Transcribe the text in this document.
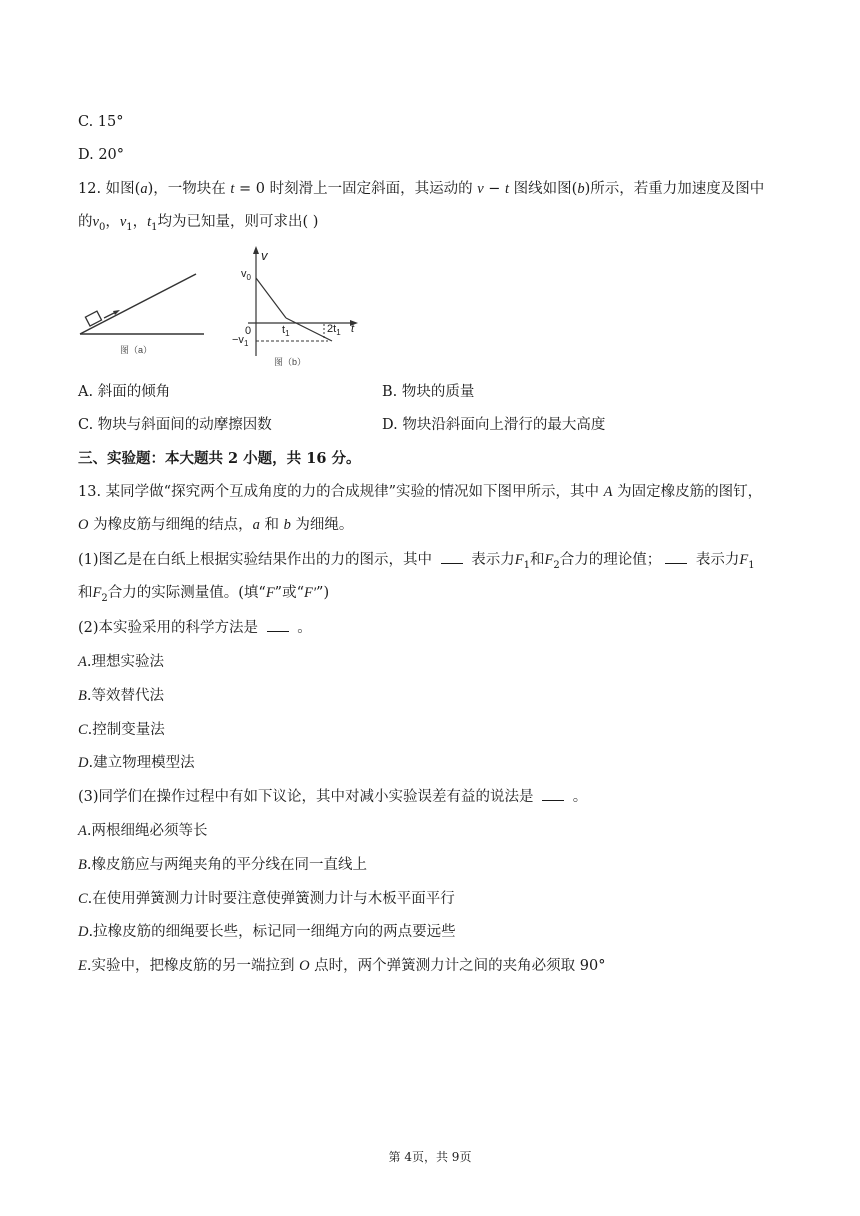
C. 15°
D. 20°
12. 如图(a)，一物块在 t = 0 时刻滑上一固定斜面，其运动的 v − t 图线如图(b)所示，若重力加速度及图中
的$v_0$，$v_1$，$t_1$均为已知量，则可求出( )
图（a）
v
t
$v_0$
0	$t_1$	$2t_1$
$-v_1$
图（b）
A. 斜面的倾角	B. 物块的质量
C. 物块与斜面间的动摩擦因数	D. 物块沿斜面向上滑行的最大高度
三、实验题：本大题共 2 小题，共 16 分。
13. 某同学做“探究两个互成角度的力的合成规律”实验的情况如下图甲所示，其中 A 为固定橡皮筋的图钉，
O 为橡皮筋与细绳的结点，a 和 b 为细绳。
(1)图乙是在白纸上根据实验结果作出的力的图示，其中  表示力$F_1$和$F_2$合力的理论值； 表示力$F_1$
和$F_2$合力的实际测量值。(填“F”或“F′”)
(2)本实验采用的科学方法是  。
A.理想实验法
B.等效替代法
C.控制变量法
D.建立物理模型法
(3)同学们在操作过程中有如下议论，其中对减小实验误差有益的说法是  。
A.两根细绳必须等长
B.橡皮筋应与两绳夹角的平分线在同一直线上
C.在使用弹簧测力计时要注意使弹簧测力计与木板平面平行
D.拉橡皮筋的细绳要长些，标记同一细绳方向的两点要远些
E.实验中，把橡皮筋的另一端拉到 O 点时，两个弹簧测力计之间的夹角必须取 90°
第 4页，共 9页
